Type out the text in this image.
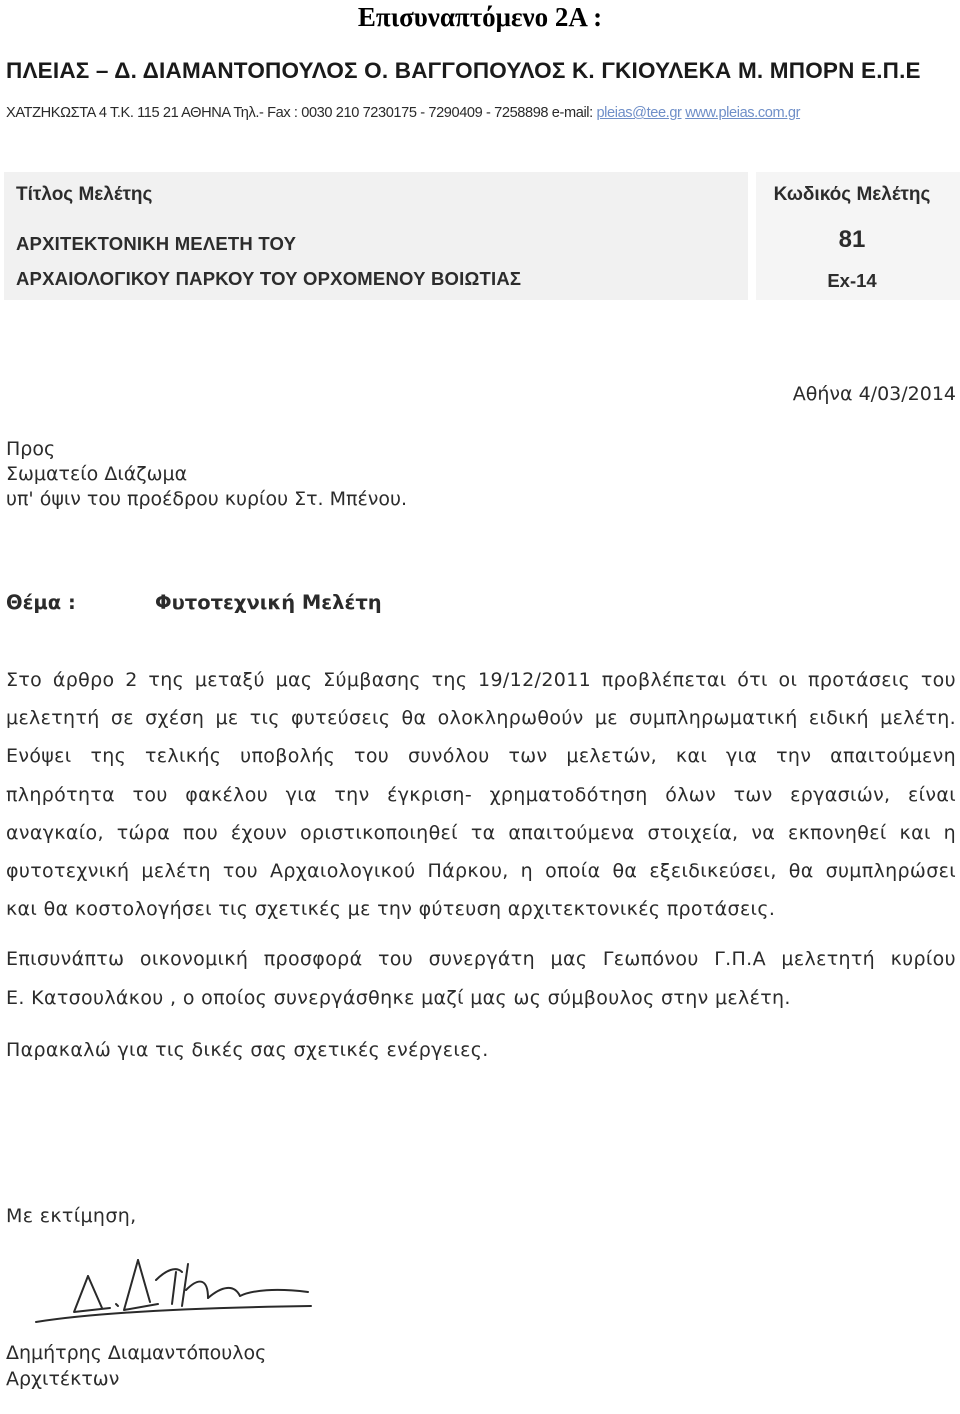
Επισυναπτόμενο 2Α :
ΠΛΕΙΑΣ – Δ. ΔΙΑΜΑΝΤΟΠΟΥΛΟΣ Ο. ΒΑΓΓΟΠΟΥΛΟΣ Κ. ΓΚΙΟΥΛΕΚΑ Μ. ΜΠΟΡΝ Ε.Π.Ε
ΧΑΤΖΗΚΩΣΤΑ 4 Τ.Κ. 115 21 ΑΘΗΝΑ Τηλ.- Fax : 0030 210 7230175 - 7290409 - 7258898 e-mail: pleias@tee.gr www.pleias.com.gr
Τίτλος Μελέτης
ΑΡΧΙΤΕΚΤΟΝΙΚΗ ΜΕΛΕΤΗ ΤΟΥ
ΑΡΧΑΙΟΛΟΓΙΚΟΥ ΠΑΡΚΟΥ ΤΟΥ ΟΡΧΟΜΕΝΟΥ ΒΟΙΩΤΙΑΣ
Κωδικός Μελέτης
81
Εx-14
Αθήνα 4/03/2014
Προς
Σωματείο Διάζωμα
υπ' όψιν του προέδρου κυρίου Στ. Μπένου.
Θέμα :	Φυτοτεχνική Μελέτη
Στο άρθρο 2 της μεταξύ μας Σύμβασης της 19/12/2011 προβλέπεται ότι οι προτάσεις του
μελετητή σε σχέση με τις φυτεύσεις θα ολοκληρωθούν με συμπληρωματική ειδική μελέτη.
Ενόψει της τελικής υποβολής του συνόλου των μελετών, και για την απαιτούμενη
πληρότητα του φακέλου για την έγκριση- χρηματοδότηση όλων των εργασιών, είναι
αναγκαίο, τώρα που έχουν οριστικοποιηθεί τα απαιτούμενα στοιχεία, να εκπονηθεί και η
φυτοτεχνική μελέτη του Αρχαιολογικού Πάρκου, η οποία θα εξειδικεύσει, θα συμπληρώσει
και θα κοστολογήσει τις σχετικές με την φύτευση αρχιτεκτονικές προτάσεις.
Επισυνάπτω οικονομική προσφορά του συνεργάτη μας Γεωπόνου Γ.Π.Α μελετητή κυρίου
Ε. Κατσουλάκου , ο οποίος συνεργάσθηκε μαζί μας ως σύμβουλος στην μελέτη.
Παρακαλώ για τις δικές σας σχετικές ενέργειες.
Με εκτίμηση,
Δημήτρης Διαμαντόπουλος
Αρχιτέκτων
